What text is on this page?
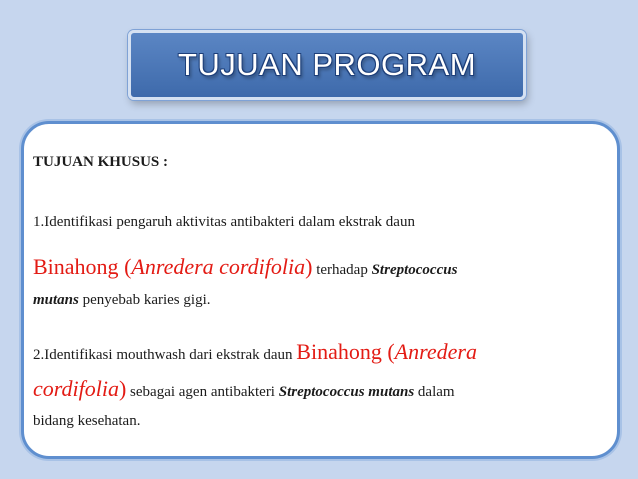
TUJUAN PROGRAM
TUJUAN KHUSUS :
1.Identifikasi pengaruh aktivitas antibakteri dalam ekstrak daun
Binahong (Anredera cordifolia) terhadap Streptococcus
mutans penyebab karies gigi.
2.Identifikasi mouthwash dari ekstrak daun Binahong (Anredera
cordifolia) sebagai agen antibakteri Streptococcus mutans dalam
bidang kesehatan.
